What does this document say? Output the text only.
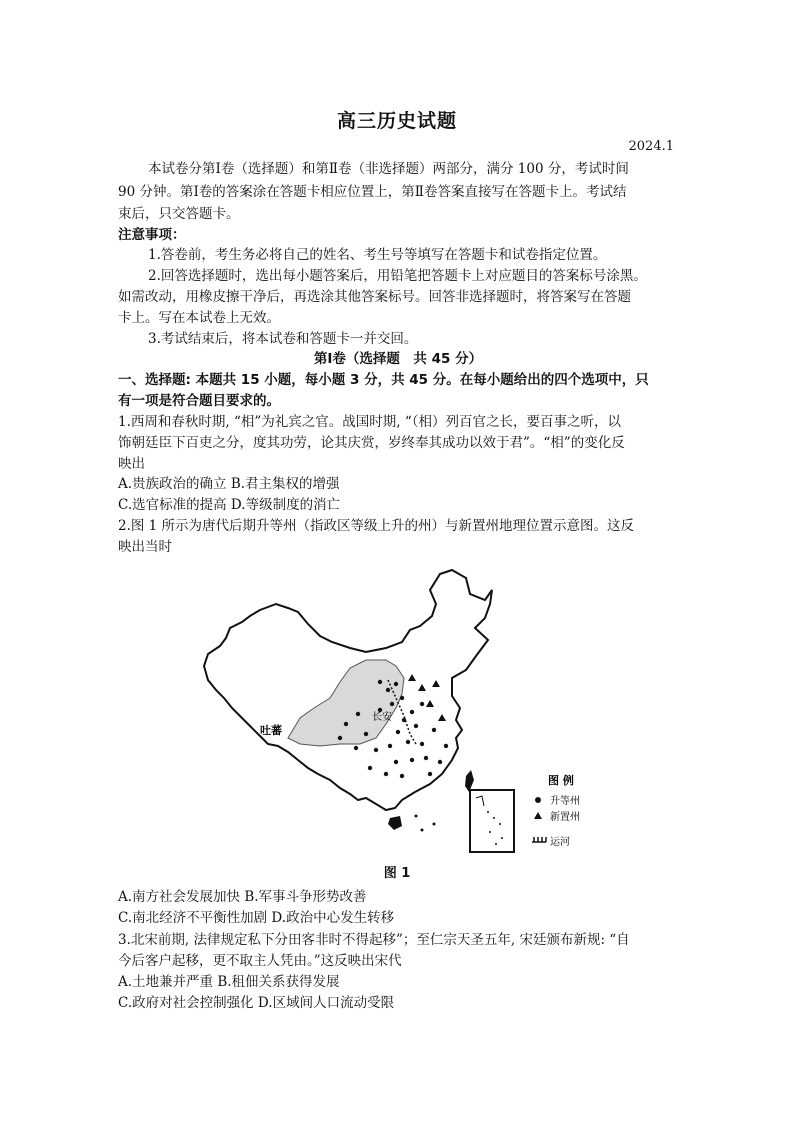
高三历史试题
2024.1
本试卷分第Ⅰ卷（选择题）和第Ⅱ卷（非选择题）两部分，满分 100 分，考试时间
90 分钟。第Ⅰ卷的答案涂在答题卡相应位置上，第Ⅱ卷答案直接写在答题卡上。考试结
束后，只交答题卡。
注意事项：
1.答卷前，考生务必将自己的姓名、考生号等填写在答题卡和试卷指定位置。
2.回答选择题时，选出每小题答案后，用铅笔把答题卡上对应题目的答案标号涂黑。
如需改动，用橡皮擦干净后，再选涂其他答案标号。回答非选择题时，将答案写在答题
卡上。写在本试卷上无效。
3.考试结束后，将本试卷和答题卡一并交回。
第Ⅰ卷（选择题　共 45 分）
一、选择题: 本题共 15 小题，每小题 3 分，共 45 分。在每小题给出的四个选项中，只
有一项是符合题目要求的。
1.西周和春秋时期, “相”为礼宾之官。战国时期, “（相）列百官之长，要百事之听，以
饰朝廷臣下百吏之分，度其功劳，论其庆赏，岁终奉其成功以效于君”。“相”的变化反
映出
A.贵族政治的确立 B.君主集权的增强
C.选官标准的提高 D.等级制度的消亡
2.图 1 所示为唐代后期升等州（指政区等级上升的州）与新置州地理位置示意图。这反
映出当时
吐蕃
长安
图 例
升等州
新置州
运河
图 1
A.南方社会发展加快 B.军事斗争形势改善
C.南北经济不平衡性加剧 D.政治中心发生转移
3.北宋前期, 法律规定私下分田客非时不得起移”；至仁宗天圣五年, 宋廷颁布新规: “自
今后客户起移，更不取主人凭由。”这反映出宋代
A.土地兼并严重 B.租佃关系获得发展
C.政府对社会控制强化 D.区域间人口流动受限
